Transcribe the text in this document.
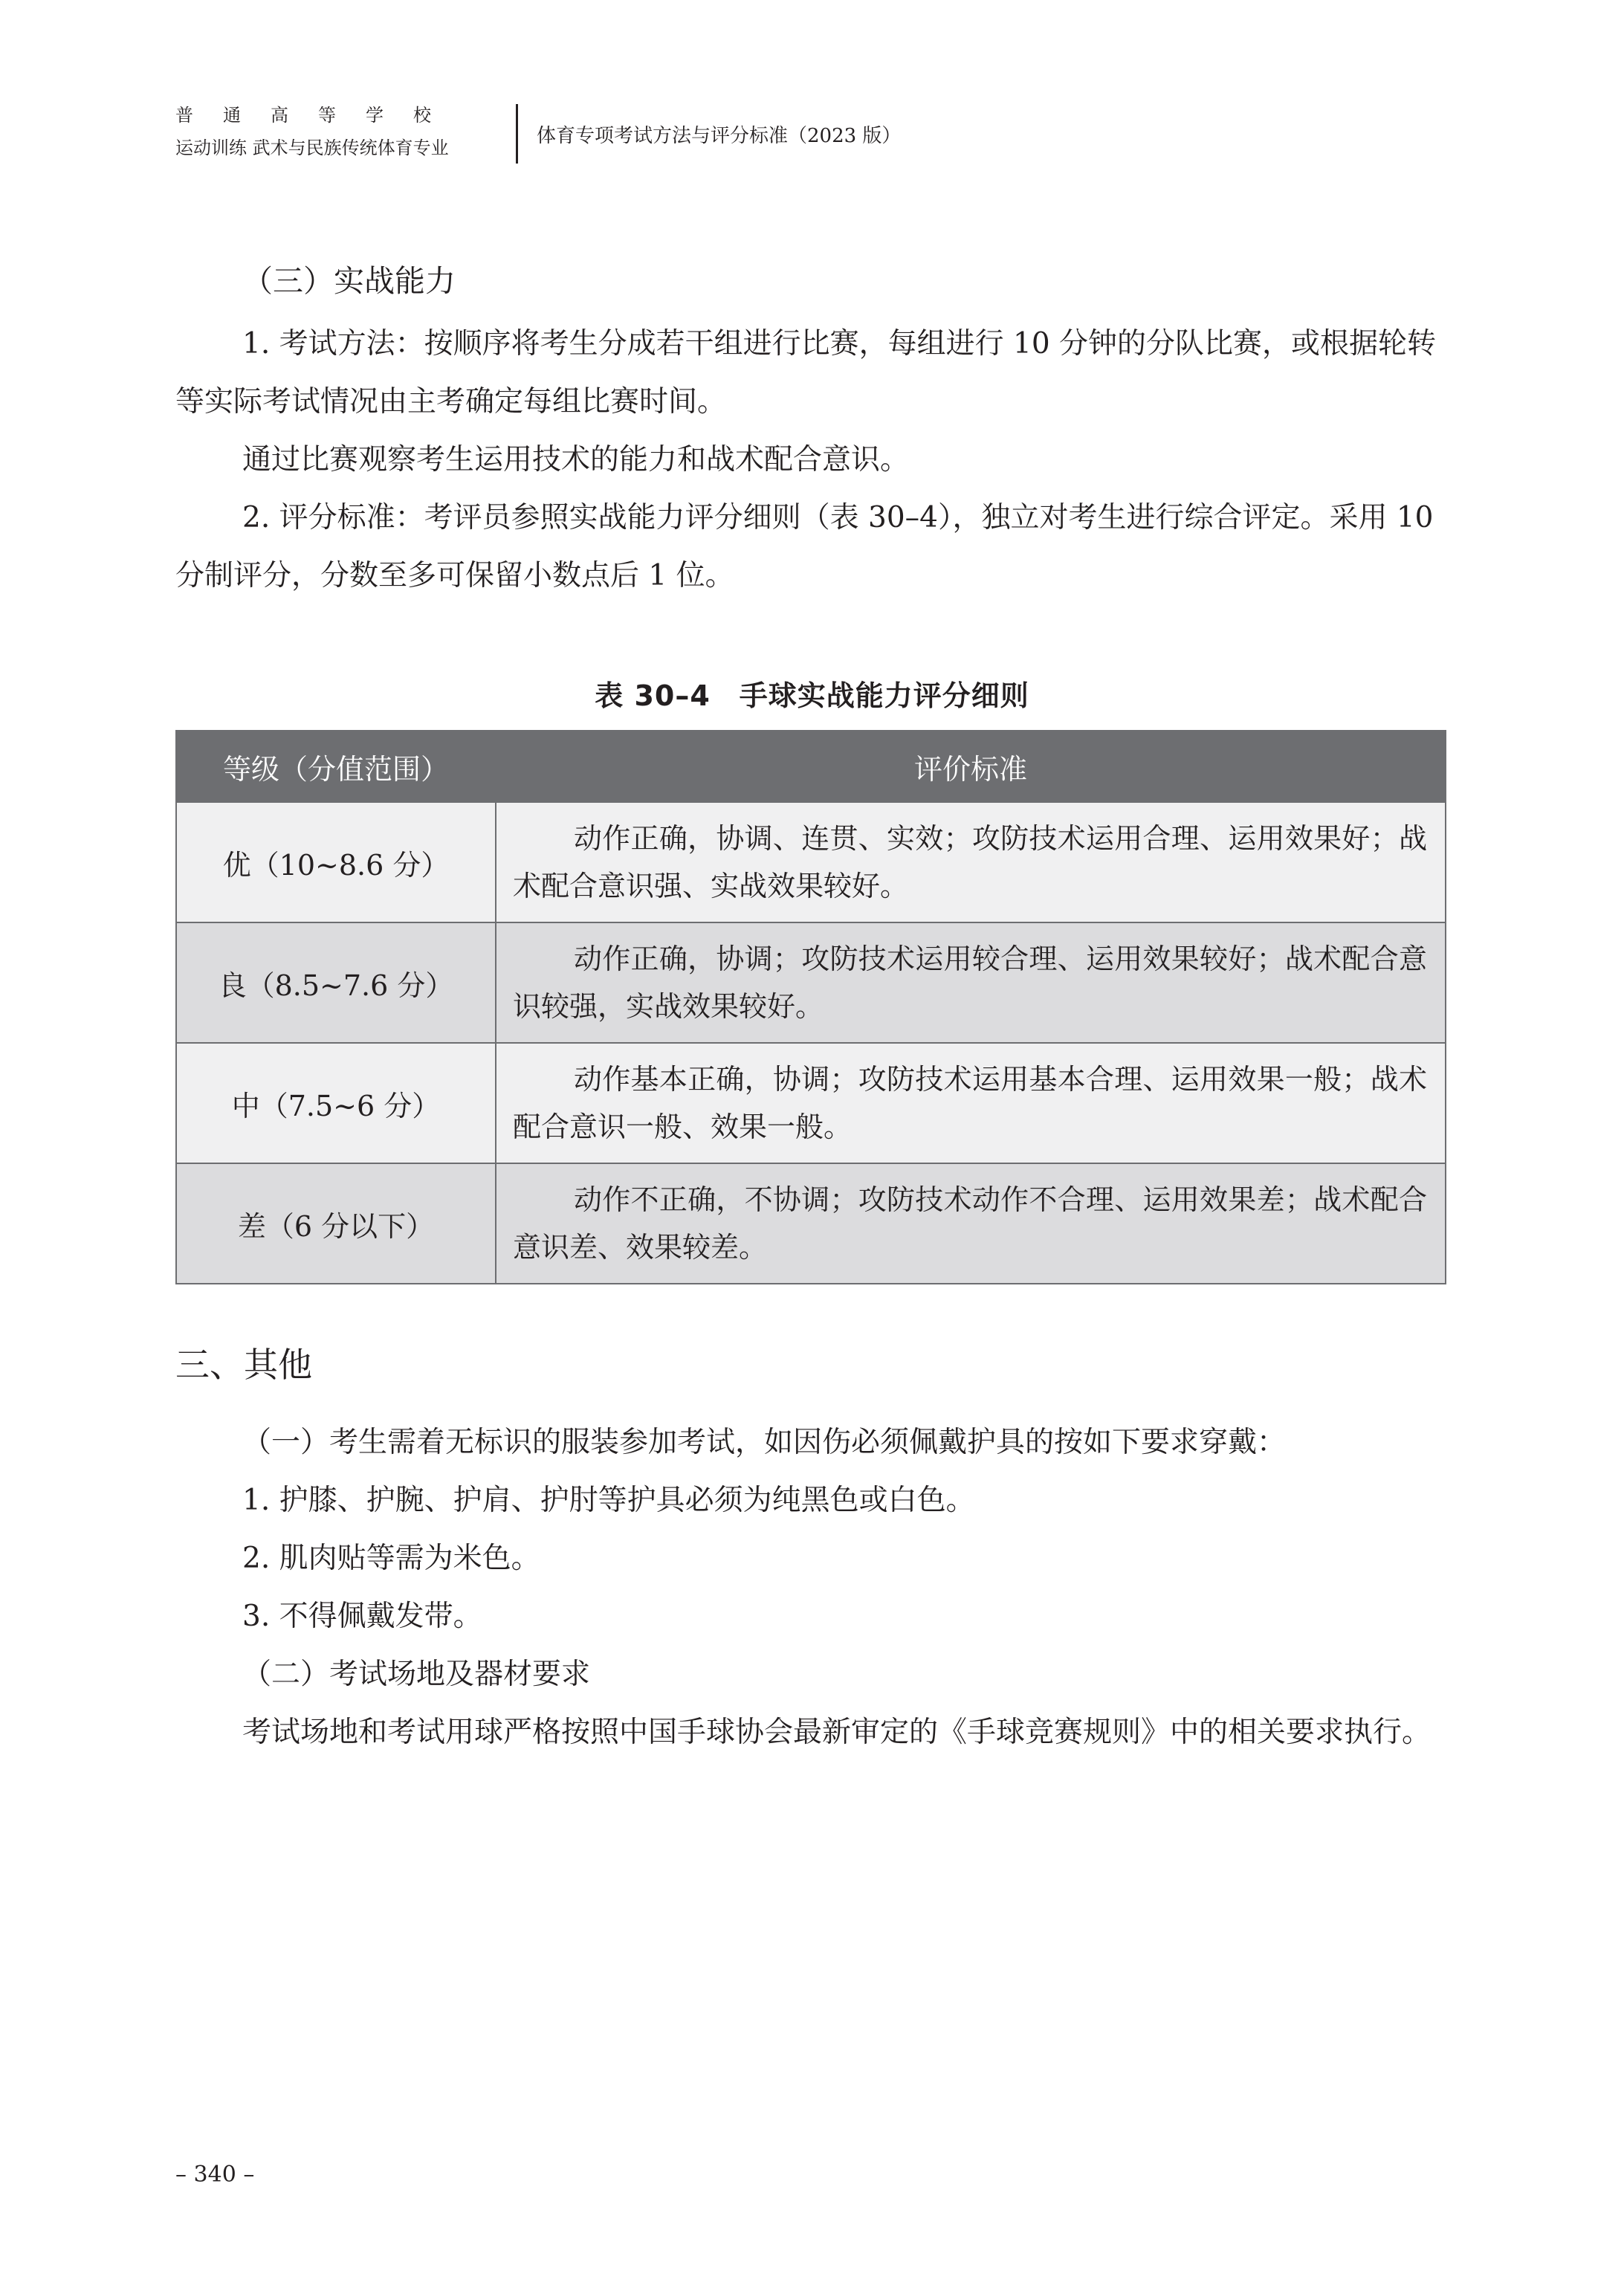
普通高等学校
运动训练 武术与民族传统体育专业
体育专项考试方法与评分标准（2023 版）
（三）实战能力

1. 考试方法：按顺序将考生分成若干组进行比赛，每组进行 10 分钟的分队比赛，或根据轮转等实际考试情况由主考确定每组比赛时间。

通过比赛观察考生运用技术的能力和战术配合意识。

2. 评分标准：考评员参照实战能力评分细则（表 30–4），独立对考生进行综合评定。采用 10 分制评分，分数至多可保留小数点后 1 位。

表 30–4　手球实战能力评分细则
等级（分值范围）	评价标准
优（10~8.6 分）	动作正确，协调、连贯、实效；攻防技术运用合理、运用效果好；战术配合意识强、实战效果较好。

良（8.5~7.6 分）	动作正确，协调；攻防技术运用较合理、运用效果较好；战术配合意识较强，实战效果较好。

中（7.5~6 分）	动作基本正确，协调；攻防技术运用基本合理、运用效果一般；战术配合意识一般、效果一般。

差（6 分以下）	动作不正确，不协调；攻防技术动作不合理、运用效果差；战术配合意识差、效果较差。
三、其他

（一）考生需着无标识的服装参加考试，如因伤必须佩戴护具的按如下要求穿戴：

1. 护膝、护腕、护肩、护肘等护具必须为纯黑色或白色。

2. 肌肉贴等需为米色。

3. 不得佩戴发带。

（二）考试场地及器材要求

考试场地和考试用球严格按照中国手球协会最新审定的《手球竞赛规则》中的相关要求执行。

– 340 –
